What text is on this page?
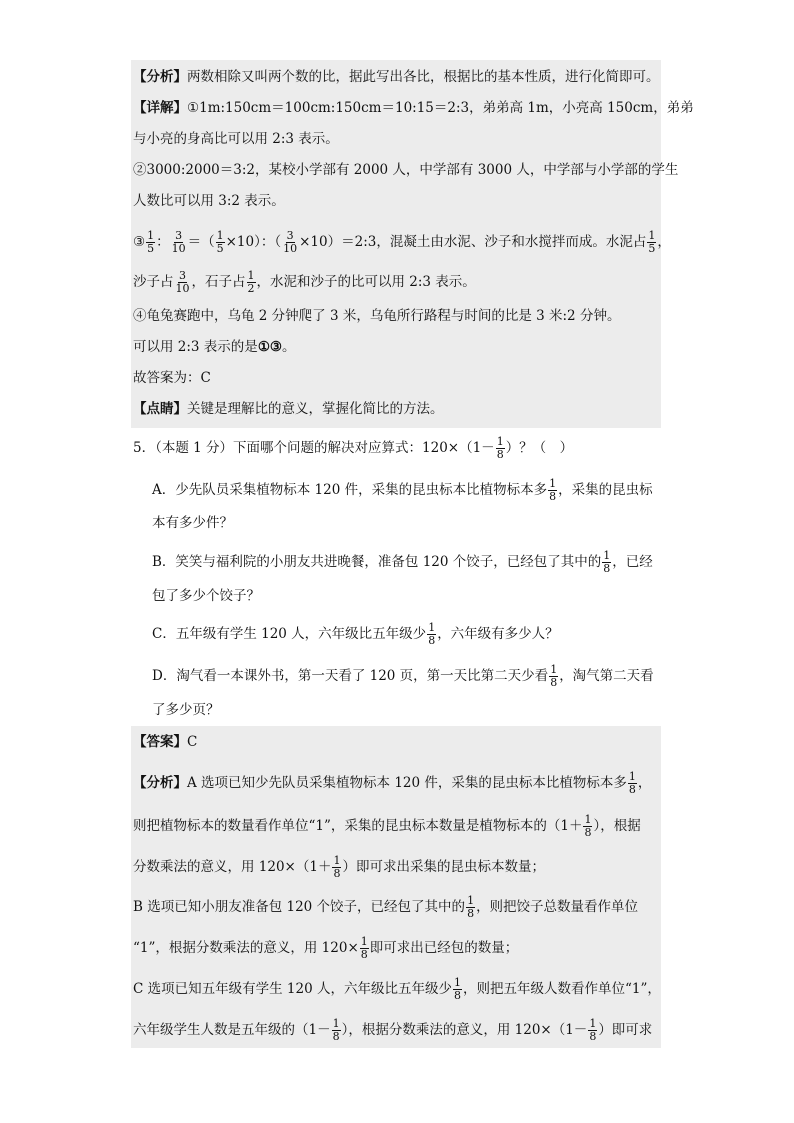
【分析】两数相除又叫两个数的比，据此写出各比，根据比的基本性质，进行化简即可。
【详解】①1m:150cm＝100cm:150cm＝10:15＝2:3，弟弟高 1m，小亮高 150cm，弟弟
与小亮的身高比可以用 2:3 表示。
②3000:2000＝3:2，某校小学部有 2000 人，中学部有 3000 人，中学部与小学部的学生
人数比可以用 3:2 表示。
③ $\frac{1}{5}$ ： $\frac{3}{10}$ ＝（ $\frac{1}{5} \times 10$）：（ $\frac{3}{10}$ ×10）＝2:3，混凝土由水泥、沙子和水搅拌而成。水泥占 $\frac{1}{5}$ ，
沙子占 $\frac{3}{10}$ ，石子占 $\frac{1}{2}$ ，水泥和沙子的比可以用 2:3 表示。
④龟兔赛跑中，乌龟 2 分钟爬了 3 米，乌龟所行路程与时间的比是 3 米:2 分钟。
可以用 2:3 表示的是①③。
故答案为：C
【点睛】关键是理解比的意义，掌握化简比的方法。
5．（本题 1 分）下面哪个问题的解决对应算式：$120\times(1- \frac{1}{8}$ ）？（　）
A．少先队员采集植物标本 120 件，采集的昆虫标本比植物标本多 $\frac{1}{8}$ ，采集的昆虫标
本有多少件？
B．笑笑与福利院的小朋友共进晚餐，准备包 120 个饺子，已经包了其中的 $\frac{1}{8}$ ，已经
包了多少个饺子？
C．五年级有学生 120 人，六年级比五年级少 $\frac{1}{8}$ ，六年级有多少人？
D．淘气看一本课外书，第一天看了 120 页，第一天比第二天少看 $\frac{1}{8}$ ，淘气第二天看
了多少页？
【答案】C
【分析】A 选项已知少先队员采集植物标本 120 件，采集的昆虫标本比植物标本多 $\frac{1}{8}$ ，
则把植物标本的数量看作单位“1”，采集的昆虫标本数量是植物标本的（$1+ \frac{1}{8}$ ），根据
分数乘法的意义，用 $120\times(1+ \frac{1}{8}$ ）即可求出采集的昆虫标本数量；
B 选项已知小朋友准备包 120 个饺子，已经包了其中的 $\frac{1}{8}$ ，则把饺子总数量看作单位
“1”，根据分数乘法的意义，用 $120\times \frac{1}{8}$ 即可求出已经包的数量；
C 选项已知五年级有学生 120 人，六年级比五年级少 $\frac{1}{8}$ ，则把五年级人数看作单位“1”，
六年级学生人数是五年级的（$1- \frac{1}{8}$ ），根据分数乘法的意义，用 $120\times(1- \frac{1}{8}$ ）即可求
